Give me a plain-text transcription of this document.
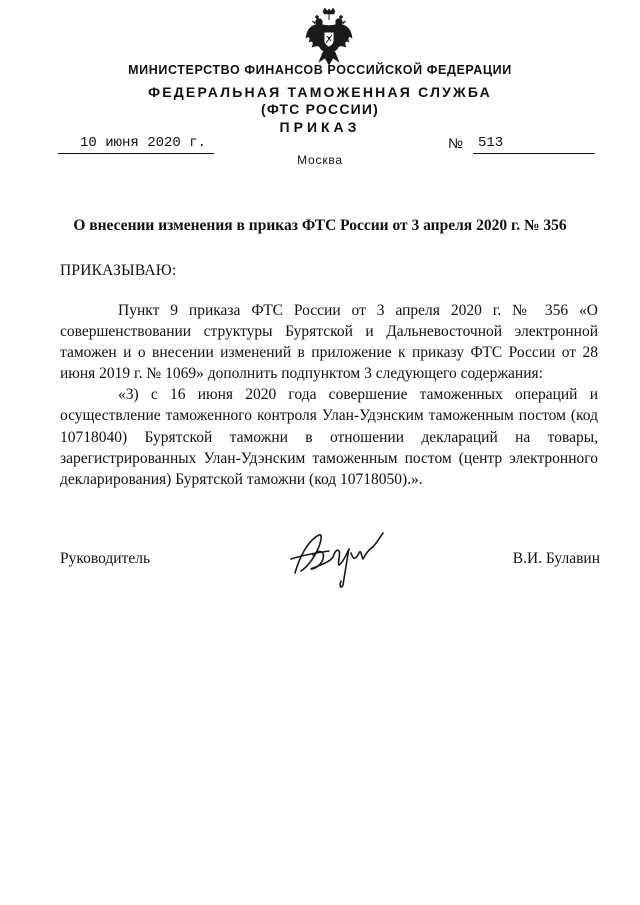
МИНИСТЕРСТВО ФИНАНСОВ РОССИЙСКОЙ ФЕДЕРАЦИИ
ФЕДЕРАЛЬНАЯ ТАМОЖЕННАЯ СЛУЖБА
(ФТС РОССИИ)
ПРИКАЗ
10 июня 2020 г.	№ 513
Москва
О внесении изменения в приказ ФТС России от 3 апреля 2020 г. № 356
ПРИКАЗЫВАЮ:

Пункт 9 приказа ФТС России от 3 апреля 2020 г. № 356 «О совершенствовании структуры Бурятской и Дальневосточной электронной таможен и о внесении изменений в приложение к приказу ФТС России от 28 июня 2019 г. № 1069» дополнить подпунктом 3 следующего содержания:

«3) с 16 июня 2020 года совершение таможенных операций и осуществление таможенного контроля Улан-Удэнским таможенным постом (код 10718040) Бурятской таможни в отношении деклараций на товары, зарегистрированных Улан-Удэнским таможенным постом (центр электронного декларирования) Бурятской таможни (код 10718050).».

Руководитель	В.И. Булавин
